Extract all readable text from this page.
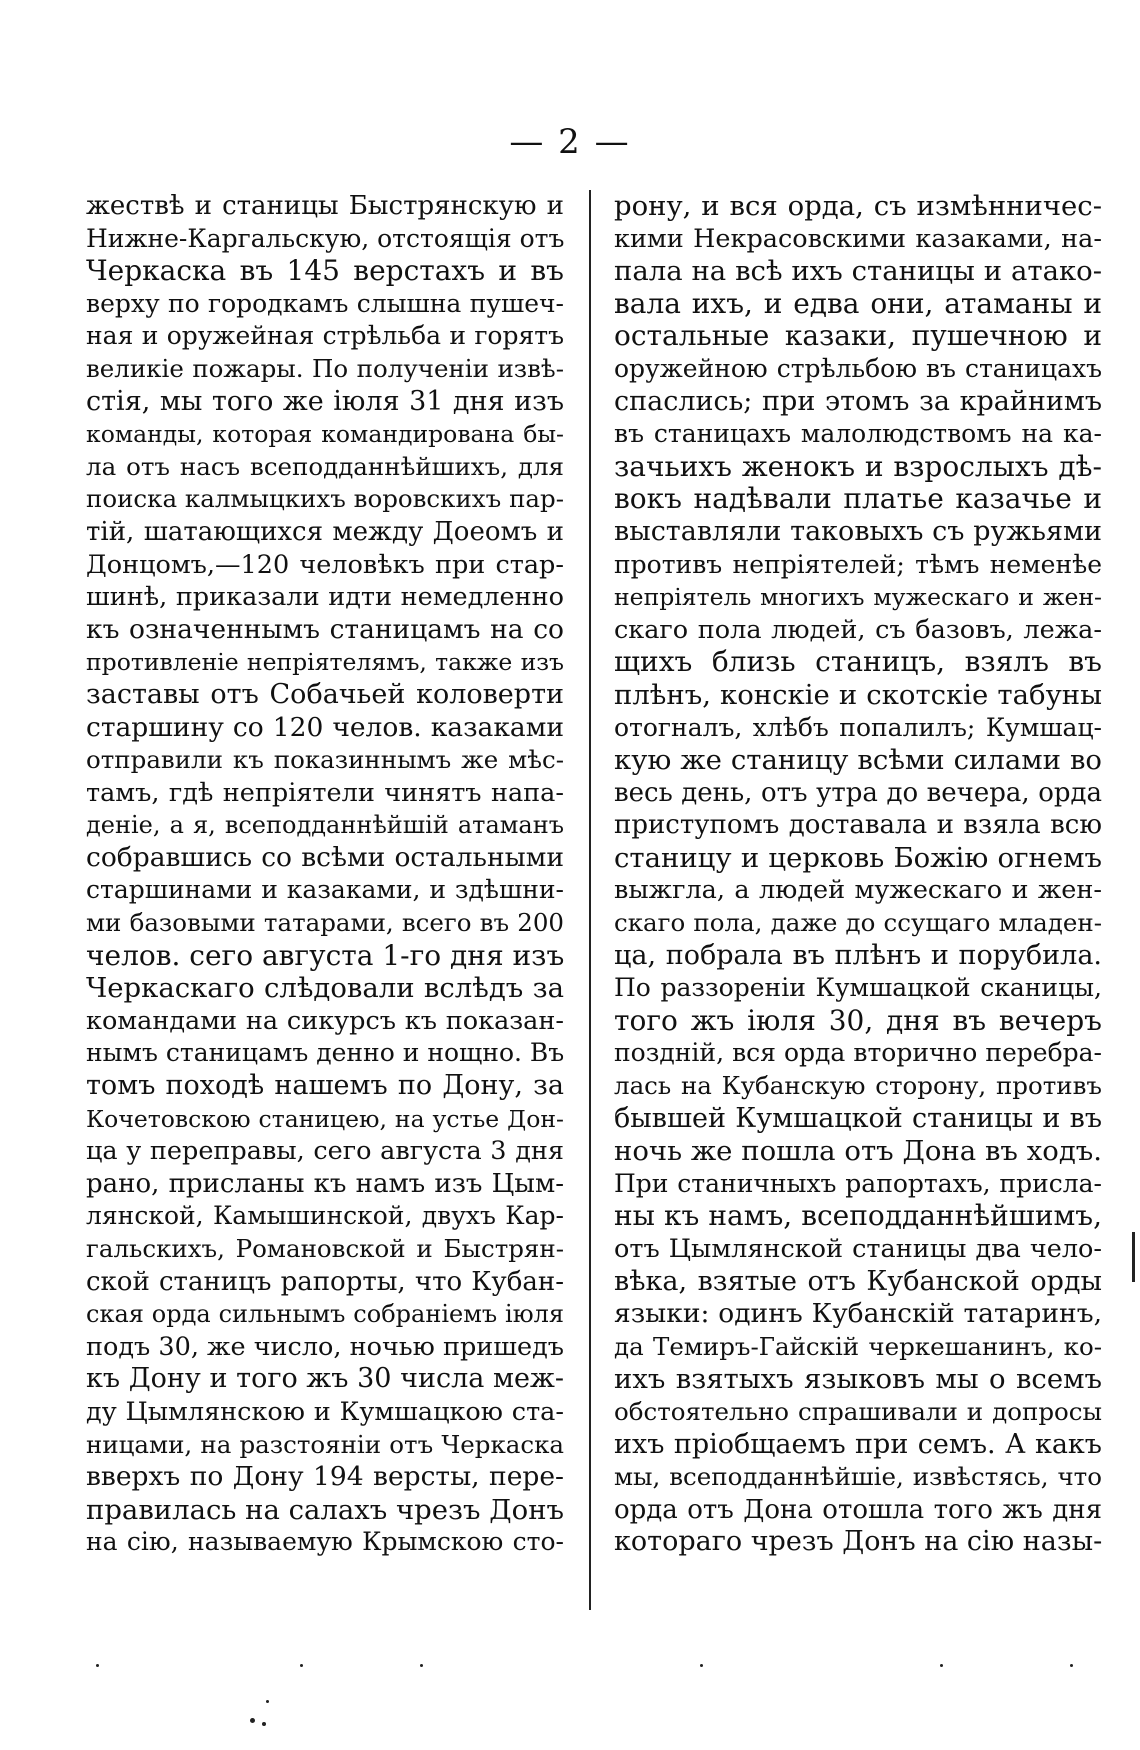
— 2 —
жествѣ и станицы Быстрянскую и
Нижне-Каргальскую, отстоящія отъ
Черкаска въ 145 верстахъ и въ
верху по городкамъ слышна пушеч-
ная и оружейная стрѣльба и горятъ
великіе пожары. По полученіи извѣ-
стія, мы того же іюля 31 дня изъ
команды, которая командирована бы-
ла отъ насъ всеподданнѣйшихъ, для
поиска калмыцкихъ воровскихъ пар-
тій, шатающихся между Доеомъ и
Донцомъ,—120 человѣкъ при стар-
шинѣ, приказали идти немедленно
къ означеннымъ станицамъ на со
противленіе непріятелямъ, также изъ
заставы отъ Собачьей коловерти
старшину со 120 челов. казаками
отправили къ показиннымъ же мѣс-
тамъ, гдѣ непріятели чинятъ напа-
деніе, а я, всеподданнѣйшій атаманъ
собравшись со всѣми остальными
старшинами и казаками, и здѣшни-
ми базовыми татарами, всего въ 200
челов. сего августа 1-го дня изъ
Черкаскаго слѣдовали вслѣдъ за
командами на сикурсъ къ показан-
нымъ станицамъ денно и нощно. Въ
томъ походѣ нашемъ по Дону, за
Кочетовскою станицею, на устье Дон-
ца у переправы, сего августа 3 дня
рано, присланы къ намъ изъ Цым-
лянской, Камышинской, двухъ Кар-
гальскихъ, Романовской и Быстрян-
ской станицъ рапорты, что Кубан-
ская орда сильнымъ собраніемъ іюля
подъ 30, же число, ночью пришедъ
къ Дону и того жъ 30 числа меж-
ду Цымлянскою и Кумшацкою ста-
ницами, на разстояніи отъ Черкаска
вверхъ по Дону 194 версты, пере-
правилась на салахъ чрезъ Донъ
на сію, называемую Крымскою сто-
рону, и вся орда, съ измѣнничес-
кими Некрасовскими казаками, на-
пала на всѣ ихъ станицы и атако-
вала ихъ, и едва они, атаманы и
остальные казаки, пушечною и
оружейною стрѣльбою въ станицахъ
спаслись; при этомъ за крайнимъ
въ станицахъ малолюдствомъ на ка-
зачьихъ женокъ и взрослыхъ дѣ-
вокъ надѣвали платье казачье и
выставляли таковыхъ съ ружьями
противъ непріятелей; тѣмъ неменѣе
непріятель многихъ мужескаго и жен-
скаго пола людей, съ базовъ, лежа-
щихъ близь станицъ, взялъ въ
плѣнъ, конскіе и скотскіе табуны
отогналъ, хлѣбъ попалилъ; Кумшац-
кую же станицу всѣми силами во
весь день, отъ утра до вечера, орда
приступомъ доставала и взяла всю
станицу и церковь Божію огнемъ
выжгла, а людей мужескаго и жен-
скаго пола, даже до ссущаго младен-
ца, побрала въ плѣнъ и порубила.
По раззореніи Кумшацкой сканицы,
того жъ іюля 30, дня въ вечеръ
поздній, вся орда вторично перебра-
лась на Кубанскую сторону, противъ
бывшей Кумшацкой станицы и въ
ночь же пошла отъ Дона въ ходъ.
При станичныхъ рапортахъ, присла-
ны къ намъ, всеподданнѣйшимъ,
отъ Цымлянской станицы два чело-
вѣка, взятые отъ Кубанской орды
языки: одинъ Кубанскій татаринъ,
да Темиръ-Гайскій черкешанинъ, ко-
ихъ взятыхъ языковъ мы о всемъ
обстоятельно спрашивали и допросы
ихъ пріобщаемъ при семъ. А какъ
мы, всеподданнѣйшіе, извѣстясь, что
орда отъ Дона отошла того жъ дня
котораго чрезъ Донъ на сію назы-
